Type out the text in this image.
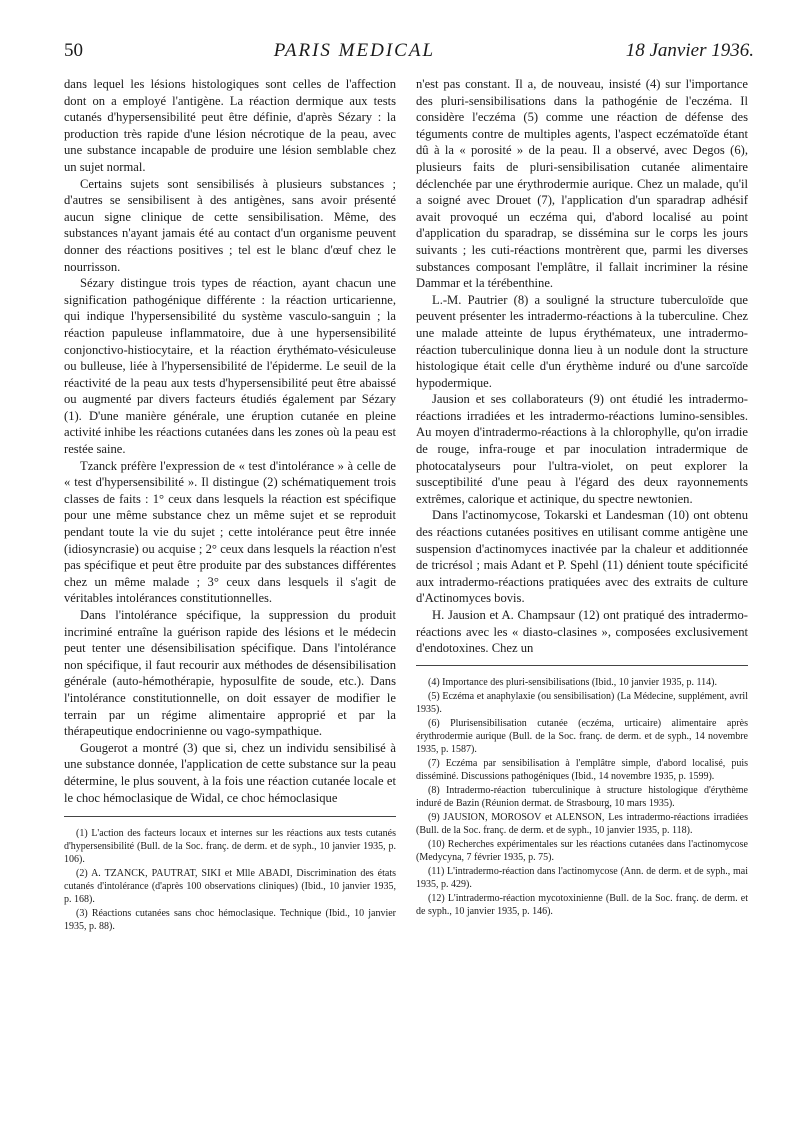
50	PARIS MEDICAL	18 Janvier 1936.

dans lequel les lésions histologiques sont celles de l'affection dont on a employé l'antigène. La réaction dermique aux tests cutanés d'hypersensibilité peut être définie, d'après Sézary : la production très rapide d'une lésion nécrotique de la peau, avec une substance incapable de produire une lésion semblable chez un sujet normal.

Certains sujets sont sensibilisés à plusieurs substances ; d'autres se sensibilisent à des antigènes, sans avoir présenté aucun signe clinique de cette sensibilisation. Même, des substances n'ayant jamais été au contact d'un organisme peuvent donner des réactions positives ; tel est le blanc d'œuf chez le nourrisson.

Sézary distingue trois types de réaction, ayant chacun une signification pathogénique différente : la réaction urticarienne, qui indique l'hypersensibilité du système vasculo-sanguin ; la réaction papuleuse inflammatoire, due à une hypersensibilité conjonctivo-histiocytaire, et la réaction érythémato-vésiculeuse ou bulleuse, liée à l'hypersensibilité de l'épiderme. Le seuil de la réactivité de la peau aux tests d'hypersensibilité peut être abaissé ou augmenté par divers facteurs étudiés également par Sézary (1). D'une manière générale, une éruption cutanée en pleine activité inhibe les réactions cutanées dans les zones où la peau est restée saine.

Tzanck préfère l'expression de « test d'intolérance » à celle de « test d'hypersensibilité ». Il distingue (2) schématiquement trois classes de faits : 1° ceux dans lesquels la réaction est spécifique pour une même substance chez un même sujet et se reproduit pendant toute la vie du sujet ; cette intolérance peut être innée (idiosyncrasie) ou acquise ; 2° ceux dans lesquels la réaction n'est pas spécifique et peut être produite par des substances différentes chez un même malade ; 3° ceux dans lesquels il s'agit de véritables intolérances constitutionnelles.

Dans l'intolérance spécifique, la suppression du produit incriminé entraîne la guérison rapide des lésions et le médecin peut tenter une désensibilisation spécifique. Dans l'intolérance non spécifique, il faut recourir aux méthodes de désensibilisation générale (auto-hémothérapie, hyposulfite de soude, etc.). Dans l'intolérance constitutionnelle, on doit essayer de modifier le terrain par un régime alimentaire approprié et par la thérapeutique endocrinienne ou vago-sympathique.

Gougerot a montré (3) que si, chez un individu sensibilisé à une substance donnée, l'application de cette substance sur la peau détermine, le plus souvent, à la fois une réaction cutanée locale et le choc hémoclasique de Widal, ce choc hémoclasique

(1) L'action des facteurs locaux et internes sur les réactions aux tests cutanés d'hypersensibilité (Bull. de la Soc. franç. de derm. et de syph., 10 janvier 1935, p. 106).

(2) A. TZANCK, PAUTRAT, SIKI et Mlle ABADI, Discrimination des états cutanés d'intolérance (d'après 100 observations cliniques) (Ibid., 10 janvier 1935, p. 168).

(3) Réactions cutanées sans choc hémoclasique. Technique (Ibid., 10 janvier 1935, p. 88).

n'est pas constant. Il a, de nouveau, insisté (4) sur l'importance des pluri-sensibilisations dans la pathogénie de l'eczéma. Il considère l'eczéma (5) comme une réaction de défense des téguments contre de multiples agents, l'aspect eczématoïde étant dû à la « porosité » de la peau. Il a observé, avec Degos (6), plusieurs faits de pluri-sensibilisation cutanée alimentaire déclenchée par une érythrodermie aurique. Chez un malade, qu'il a soigné avec Drouet (7), l'application d'un sparadrap adhésif avait provoqué un eczéma qui, d'abord localisé au point d'application du sparadrap, se dissémina sur le corps les jours suivants ; les cuti-réactions montrèrent que, parmi les diverses substances composant l'emplâtre, il fallait incriminer la résine Dammar et la térébenthine.

L.-M. Pautrier (8) a souligné la structure tuberculoïde que peuvent présenter les intradermo-réactions à la tuberculine. Chez une malade atteinte de lupus érythémateux, une intradermo-réaction tuberculinique donna lieu à un nodule dont la structure histologique était celle d'un érythème induré ou d'une sarcoïde hypodermique.

Jausion et ses collaborateurs (9) ont étudié les intradermo-réactions irradiées et les intradermo-réactions lumino-sensibles. Au moyen d'intradermo-réactions à la chlorophylle, qu'on irradie de rouge, infra-rouge et par inoculation intradermique de photocatalyseurs pour l'ultra-violet, on peut explorer la susceptibilité d'une peau à l'égard des deux rayonnements extrêmes, calorique et actinique, du spectre newtonien.

Dans l'actinomycose, Tokarski et Landesman (10) ont obtenu des réactions cutanées positives en utilisant comme antigène une suspension d'actinomyces inactivée par la chaleur et additionnée de tricrésol ; mais Adant et P. Spehl (11) dénient toute spécificité aux intradermo-réactions pratiquées avec des extraits de culture d'Actinomyces bovis.

H. Jausion et A. Champsaur (12) ont pratiqué des intradermo-réactions avec les « diasto-clasines », composées exclusivement d'endotoxines. Chez un

(4) Importance des pluri-sensibilisations (Ibid., 10 janvier 1935, p. 114).

(5) Eczéma et anaphylaxie (ou sensibilisation) (La Médecine, supplément, avril 1935).

(6) Plurisensibilisation cutanée (eczéma, urticaire) alimentaire après érythrodermie aurique (Bull. de la Soc. franç. de derm. et de syph., 14 novembre 1935, p. 1587).

(7) Eczéma par sensibilisation à l'emplâtre simple, d'abord localisé, puis disséminé. Discussions pathogéniques (Ibid., 14 novembre 1935, p. 1599).

(8) Intradermo-réaction tuberculinique à structure histologique d'érythème induré de Bazin (Réunion dermat. de Strasbourg, 10 mars 1935).

(9) JAUSION, MOROSOV et ALENSON, Les intradermo-réactions irradiées (Bull. de la Soc. franç. de derm. et de syph., 10 janvier 1935, p. 118).

(10) Recherches expérimentales sur les réactions cutanées dans l'actinomycose (Medycyna, 7 février 1935, p. 75).

(11) L'intradermo-réaction dans l'actinomycose (Ann. de derm. et de syph., mai 1935, p. 429).

(12) L'intradermo-réaction mycotoxinienne (Bull. de la Soc. franç. de derm. et de syph., 10 janvier 1935, p. 146).
